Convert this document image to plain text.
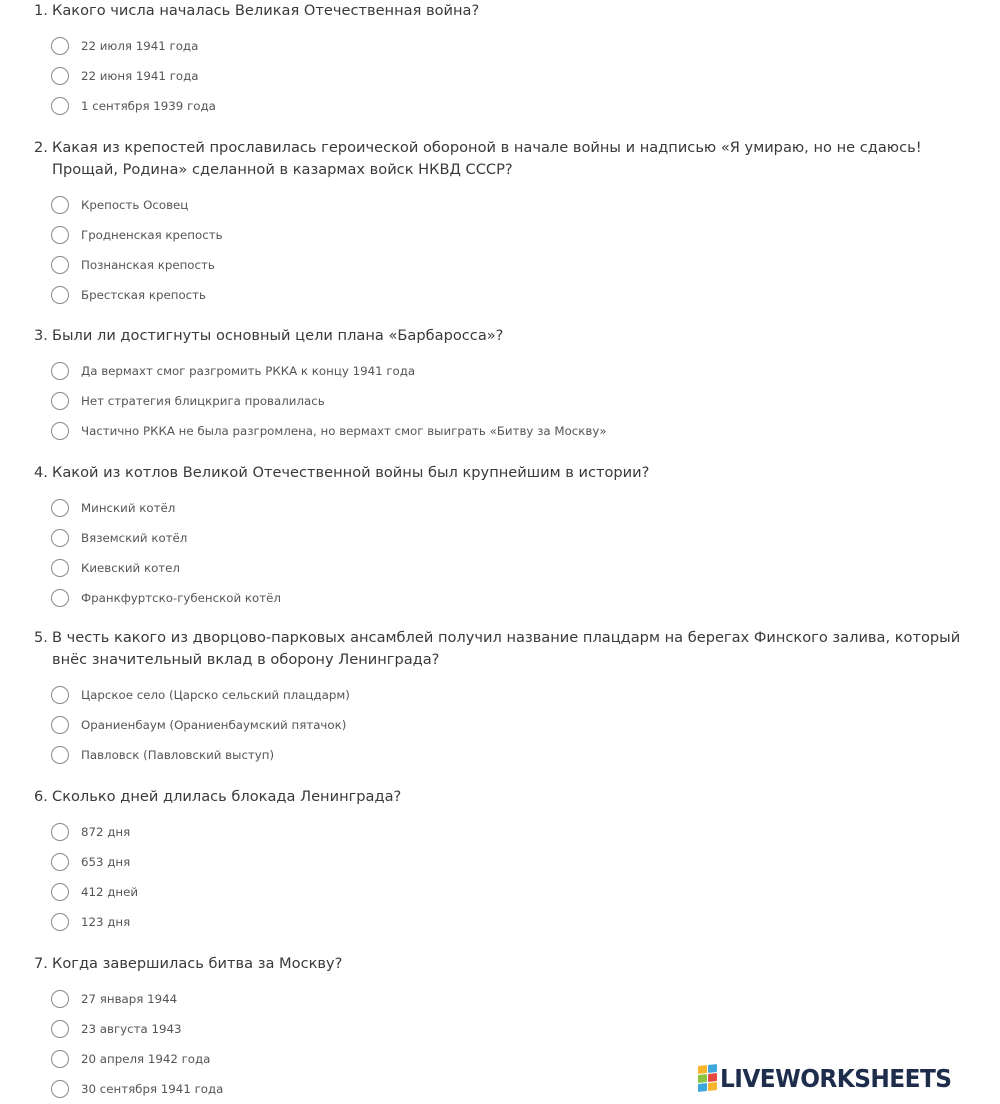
1. Какого числа началась Великая Отечественная война?
22 июля 1941 года
22 июня 1941 года
1 сентября 1939 года
2. Какая из крепостей прославилась героической обороной в начале войны и надписью «Я умираю, но не сдаюсь! Прощай, Родина» сделанной в казармах войск НКВД СССР?
Крепость Осовец
Гродненская крепость
Познанская крепость
Брестская крепость
3. Были ли достигнуты основный цели плана «Барбаросса»?
Да вермахт смог разгромить РККА к концу 1941 года
Нет стратегия блицкрига провалилась
Частично РККА не была разгромлена, но вермахт смог выиграть «Битву за Москву»
4. Какой из котлов Великой Отечественной войны был крупнейшим в истории?
Минский котёл
Вяземский котёл
Киевский котел
Франкфуртско-губенской котёл
5. В честь какого из дворцово-парковых ансамблей получил название плацдарм на берегах Финского залива, который внёс значительный вклад в оборону Ленинграда?
Царское село (Царско сельский плацдарм)
Ораниенбаум (Ораниенбаумский пятачок)
Павловск (Павловский выступ)
6. Сколько дней длилась блокада Ленинграда?
872 дня
653 дня
412 дней
123 дня
7. Когда завершилась битва за Москву?
27 января 1944
23 августа 1943
20 апреля 1942 года
30 сентября 1941 года	LIVEWORKSHEETS
